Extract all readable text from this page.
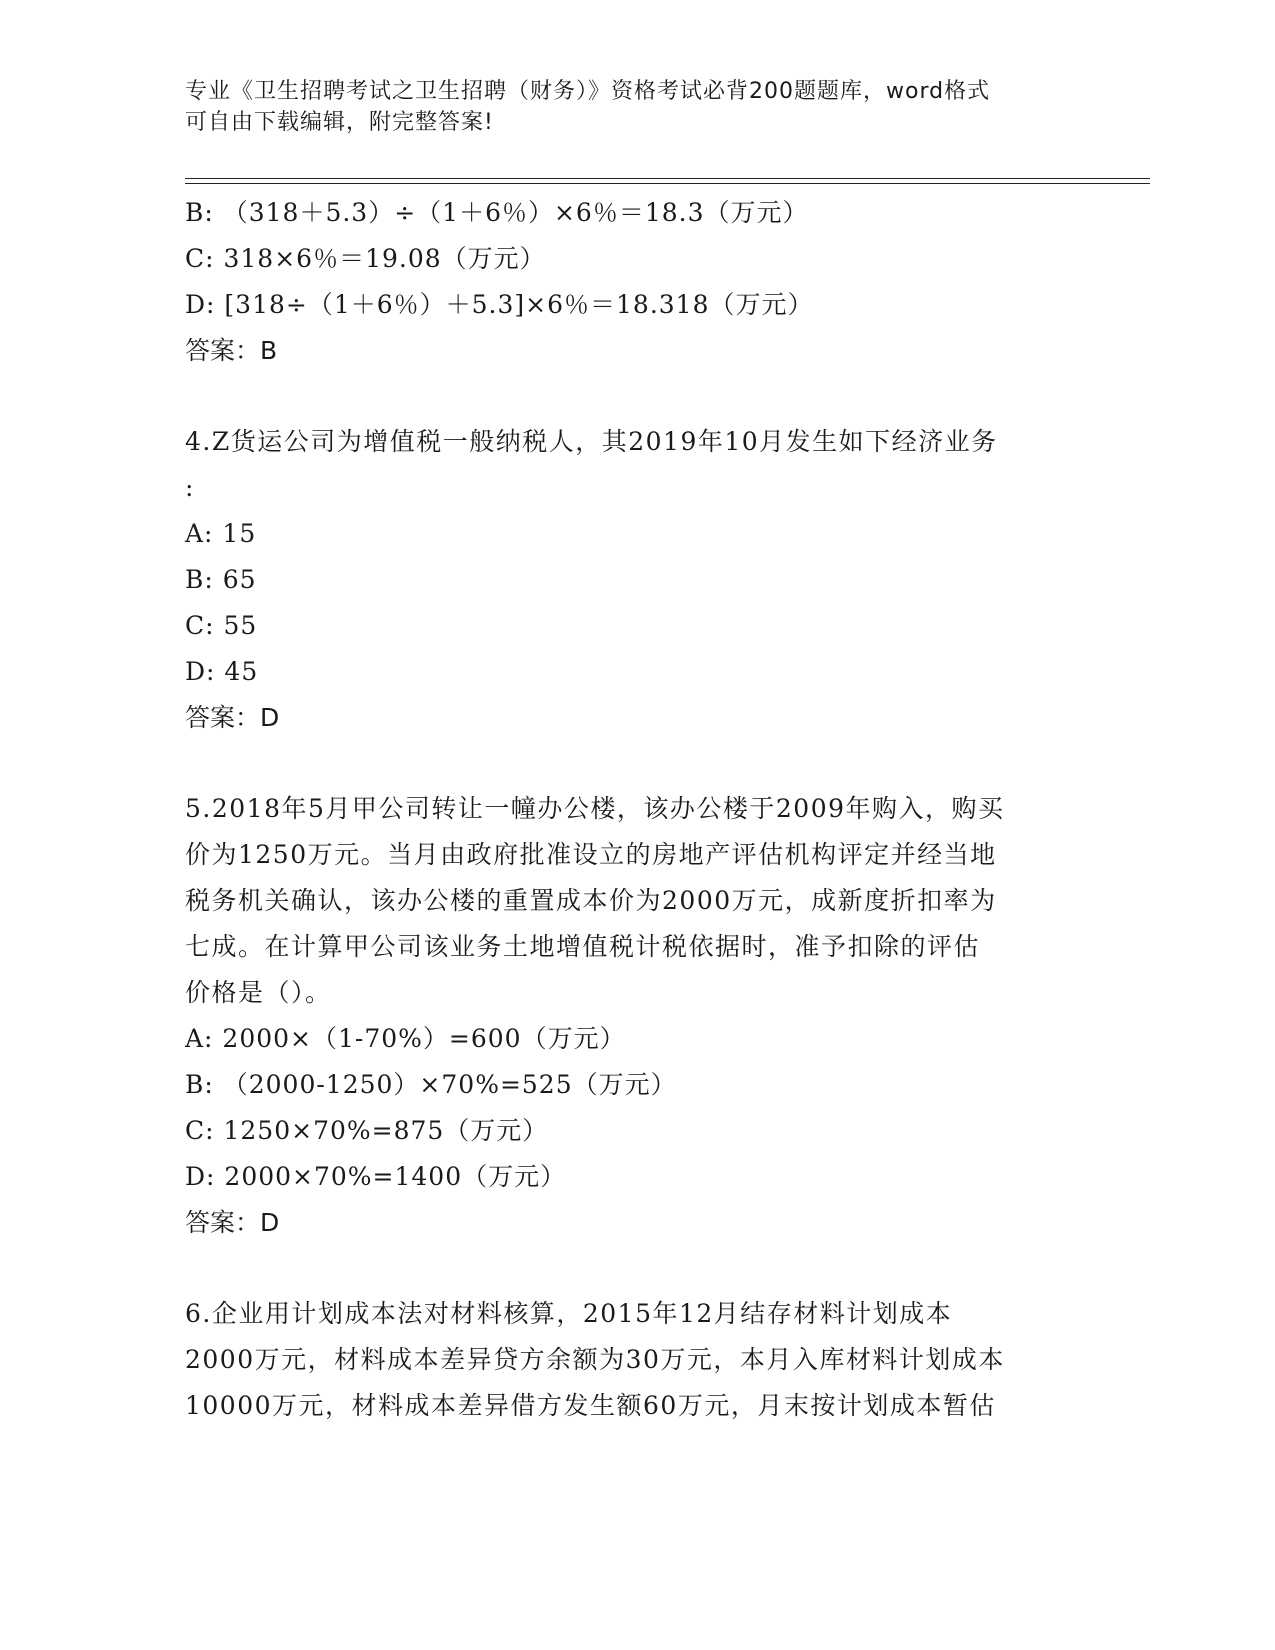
专业《卫生招聘考试之卫生招聘（财务）》资格考试必背200题题库，word格式
可自由下载编辑，附完整答案!
B: （318＋5.3）÷（1＋6％）×6％＝18.3（万元）
C: 318×6％＝19.08（万元）
D: [318÷（1＋6％）＋5.3]×6％＝18.318（万元）
答案：B
4.Z货运公司为增值税一般纳税人，其2019年10月发生如下经济业务
:
A: 15
B: 65
C: 55
D: 45
答案：D
5.2018年5月甲公司转让一幢办公楼，该办公楼于2009年购入，购买
价为1250万元。当月由政府批准设立的房地产评估机构评定并经当地
税务机关确认，该办公楼的重置成本价为2000万元，成新度折扣率为
七成。在计算甲公司该业务土地增值税计税依据时，准予扣除的评估
价格是（）。
A: 2000×（1-70%）=600（万元）
B: （2000-1250）×70%=525（万元）
C: 1250×70%=875（万元）
D: 2000×70%=1400（万元）
答案：D
6.企业用计划成本法对材料核算，2015年12月结存材料计划成本
2000万元，材料成本差异贷方余额为30万元，本月入库材料计划成本
10000万元，材料成本差异借方发生额60万元，月末按计划成本暂估
